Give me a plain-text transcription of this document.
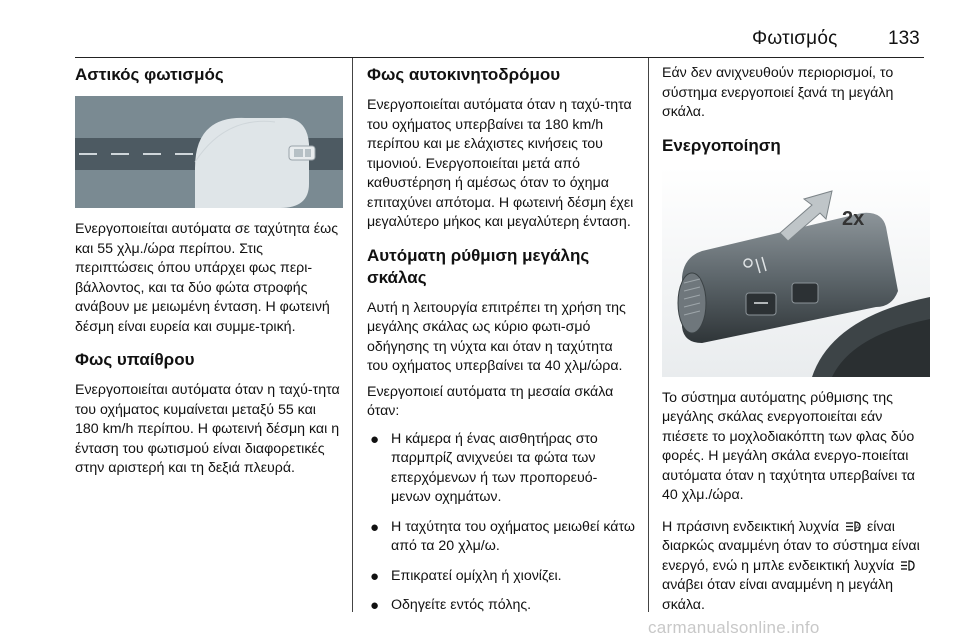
Φωτισμός	133
Αστικός φωτισμός

Ενεργοποιείται αυτόματα σε ταχύτητα έως και 55 χλμ./ώρα περίπου. Στις περιπτώσεις όπου υπάρχει φως περι‐βάλλοντος, και τα δύο φώτα στροφής ανάβουν με μειωμένη ένταση. Η φωτεινή δέσμη είναι ευρεία και συμμε‐τρική.

Φως υπαίθρου

Ενεργοποιείται αυτόματα όταν η ταχύ‐τητα του οχήματος κυμαίνεται μεταξύ 55 και 180 km/h περίπου. Η φωτεινή δέσμη και η ένταση του φωτισμού είναι διαφορετικές στην αριστερή και τη δεξιά πλευρά.

Φως αυτοκινητοδρόμου

Ενεργοποιείται αυτόματα όταν η ταχύ‐τητα του οχήματος υπερβαίνει τα 180 km/h περίπου και με ελάχιστες κινήσεις του τιμονιού. Ενεργοποιείται μετά από καθυστέρηση ή αμέσως όταν το όχημα επιταχύνει απότομα. Η φωτεινή δέσμη έχει μεγαλύτερο μήκος και μεγαλύτερη ένταση.

Αυτόματη ρύθμιση μεγάλης σκάλας

Αυτή η λειτουργία επιτρέπει τη χρήση της μεγάλης σκάλας ως κύριο φωτι‐σμό οδήγησης τη νύχτα και όταν η ταχύτητα του οχήματος υπερβαίνει τα 40 χλμ/ώρα.

Ενεργοποιεί αυτόματα τη μεσαία σκάλα όταν:

● Η κάμερα ή ένας αισθητήρας στο παρμπρίζ ανιχνεύει τα φώτα των επερχόμενων ή των προπορευό‐μενων οχημάτων.
● Η ταχύτητα του οχήματος μειωθεί κάτω από τα 20 χλμ/ω.
● Επικρατεί ομίχλη ή χιονίζει.
● Οδηγείτε εντός πόλης.

Εάν δεν ανιχνευθούν περιορισμοί, το σύστημα ενεργοποιεί ξανά τη μεγάλη σκάλα.

Ενεργοποίηση
2x

Το σύστημα αυτόματης ρύθμισης της μεγάλης σκάλας ενεργοποιείται εάν πιέσετε το μοχλοδιακόπτη των φλας δύο φορές. Η μεγάλη σκάλα ενεργο‐ποιείται αυτόματα όταν η ταχύτητα υπερβαίνει τα 40 χλμ./ώρα.

Η πράσινη ενδεικτική λυχνία	A είναι διαρκώς αναμμένη όταν το σύστημα είναι ενεργό, ενώ η μπλε ενδεικτική λυχνία  ανάβει όταν είναι αναμμένη η μεγάλη σκάλα.

carmanualsonline.info
